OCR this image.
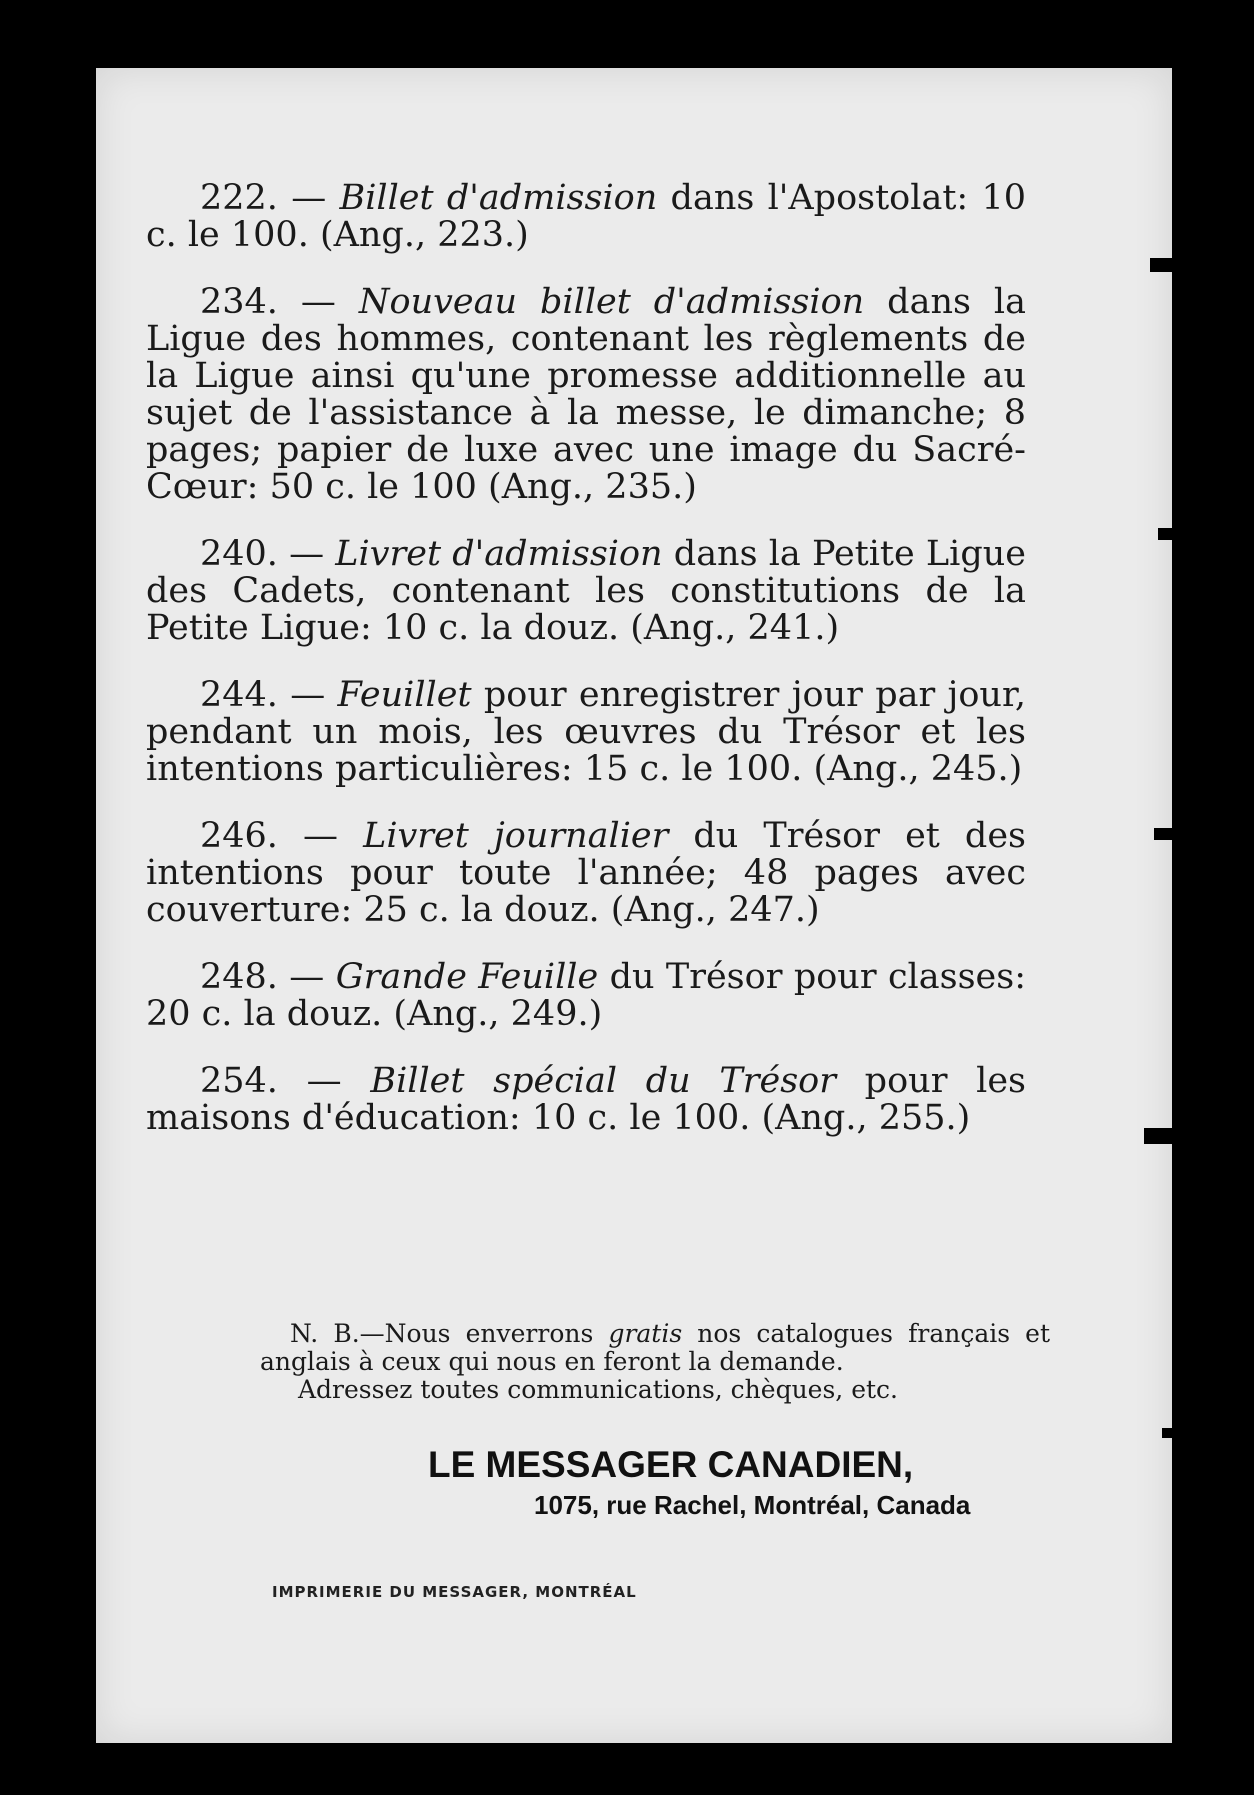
222. — Billet d'admission dans l'Apostolat: 10 c. le 100. (Ang., 223.)

234. — Nouveau billet d'admission dans la Ligue des hommes, contenant les règlements de la Ligue ainsi qu'une promesse additionnelle au sujet de l'assistance à la messe, le dimanche; 8 pages; papier de luxe avec une image du Sacré-Cœur: 50 c. le 100 (Ang., 235.)

240. — Livret d'admission dans la Petite Ligue des Cadets, contenant les constitutions de la Petite Ligue: 10 c. la douz. (Ang., 241.)

244. — Feuillet pour enregistrer jour par jour, pendant un mois, les œuvres du Trésor et les intentions particulières: 15 c. le 100. (Ang., 245.)

246. — Livret journalier du Trésor et des intentions pour toute l'année; 48 pages avec couverture: 25 c. la douz. (Ang., 247.)

248. — Grande Feuille du Trésor pour classes: 20 c. la douz. (Ang., 249.)

254. — Billet spécial du Trésor pour les maisons d'éducation: 10 c. le 100. (Ang., 255.)

N. B.—Nous enverrons gratis nos catalogues français et anglais à ceux qui nous en feront la demande.
Adressez toutes communications, chèques, etc.

LE MESSAGER CANADIEN,

1075, rue Rachel, Montréal, Canada

IMPRIMERIE DU MESSAGER, MONTRÉAL
